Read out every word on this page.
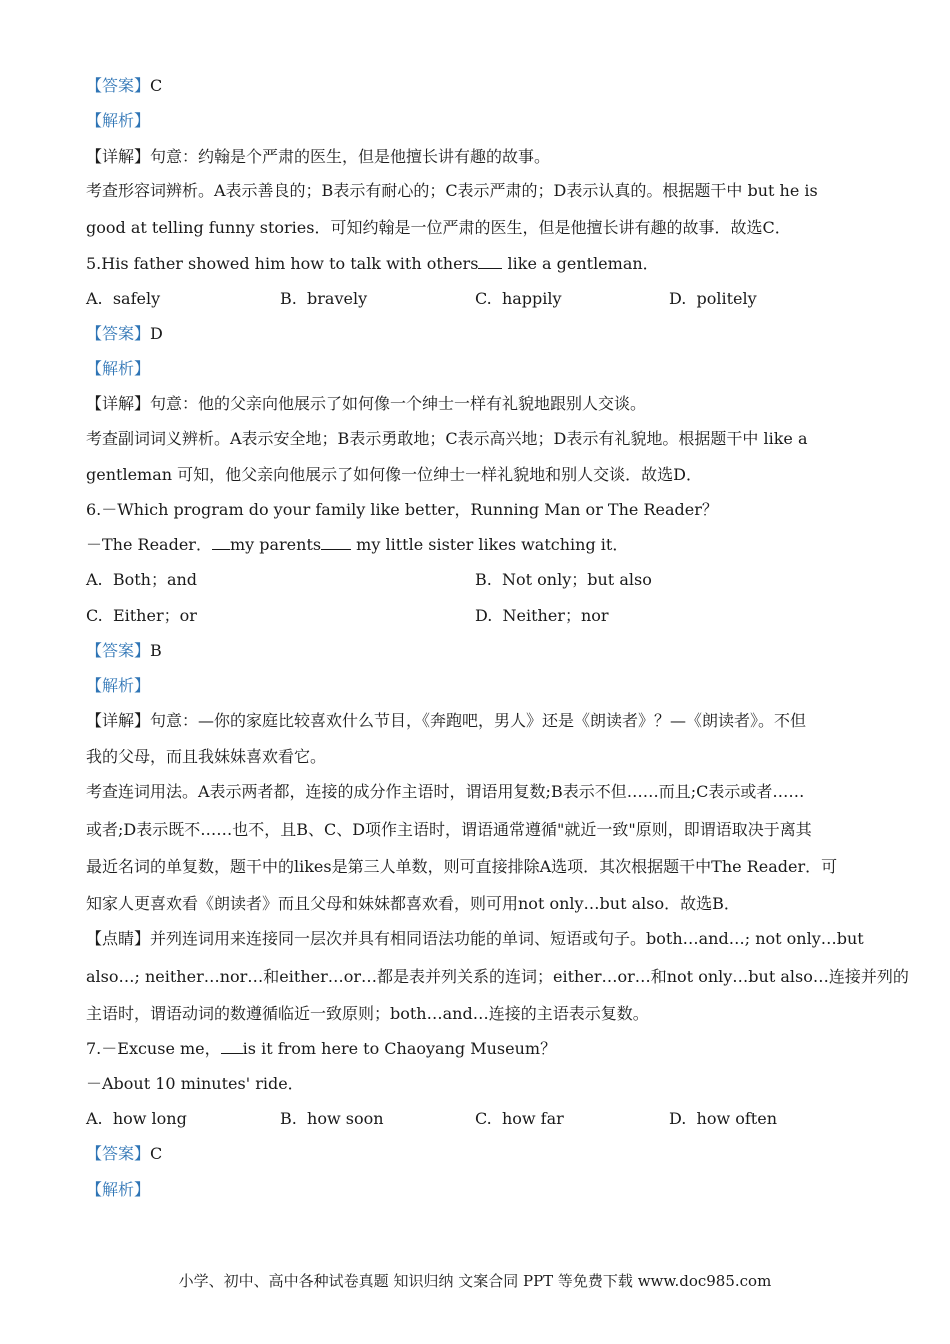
【答案】C
【解析】
【详解】句意：约翰是个严肃的医生，但是他擅长讲有趣的故事。
考查形容词辨析。A表示善良的；B表示有耐心的；C表示严肃的；D表示认真的。根据题干中 but he is
good at telling funny stories．可知约翰是一位严肃的医生，但是他擅长讲有趣的故事．故选C．
5.His father showed him how to talk with others like a gentleman．
A. safely	B. bravely	C. happily	D. politely
【答案】D
【解析】
【详解】句意：他的父亲向他展示了如何像一个绅士一样有礼貌地跟别人交谈。
考查副词词义辨析。A表示安全地；B表示勇敢地；C表示高兴地；D表示有礼貌地。根据题干中 like a
gentleman 可知，他父亲向他展示了如何像一位绅士一样礼貌地和别人交谈．故选D．
6.－Which program do your family like better，Running Man or The Reader？
－The Reader． my parents my little sister likes watching it．
A. Both；and	B. Not only；but also
C. Either；or	D. Neither；nor
【答案】B
【解析】
【详解】句意：—你的家庭比较喜欢什么节目，《奔跑吧，男人》还是《朗读者》？—《朗读者》。不但
我的父母，而且我妹妹喜欢看它。
考查连词用法。A表示两者都，连接的成分作主语时，谓语用复数;B表示不但……而且;C表示或者……
或者;D表示既不……也不，且B、C、D项作主语时，谓语通常遵循"就近一致"原则，即谓语取决于离其
最近名词的单复数，题干中的likes是第三人单数，则可直接排除A选项．其次根据题干中The Reader．可
知家人更喜欢看《朗读者》而且父母和妹妹都喜欢看，则可用not only…but also．故选B．
【点睛】并列连词用来连接同一层次并具有相同语法功能的单词、短语或句子。both…and…; not only…but
also…; neither…nor…和either…or…都是表并列关系的连词；either…or…和not only…but also…连接并列的
主语时，谓语动词的数遵循临近一致原则；both…and…连接的主语表示复数。
7.－Excuse me， is it from here to Chaoyang Museum？
－About 10 minutes' ride．
A. how long	B. how soon	C. how far	D. how often
【答案】C
【解析】
小学、初中、高中各种试卷真题 知识归纳 文案合同 PPT 等免费下载 www.doc985.com
